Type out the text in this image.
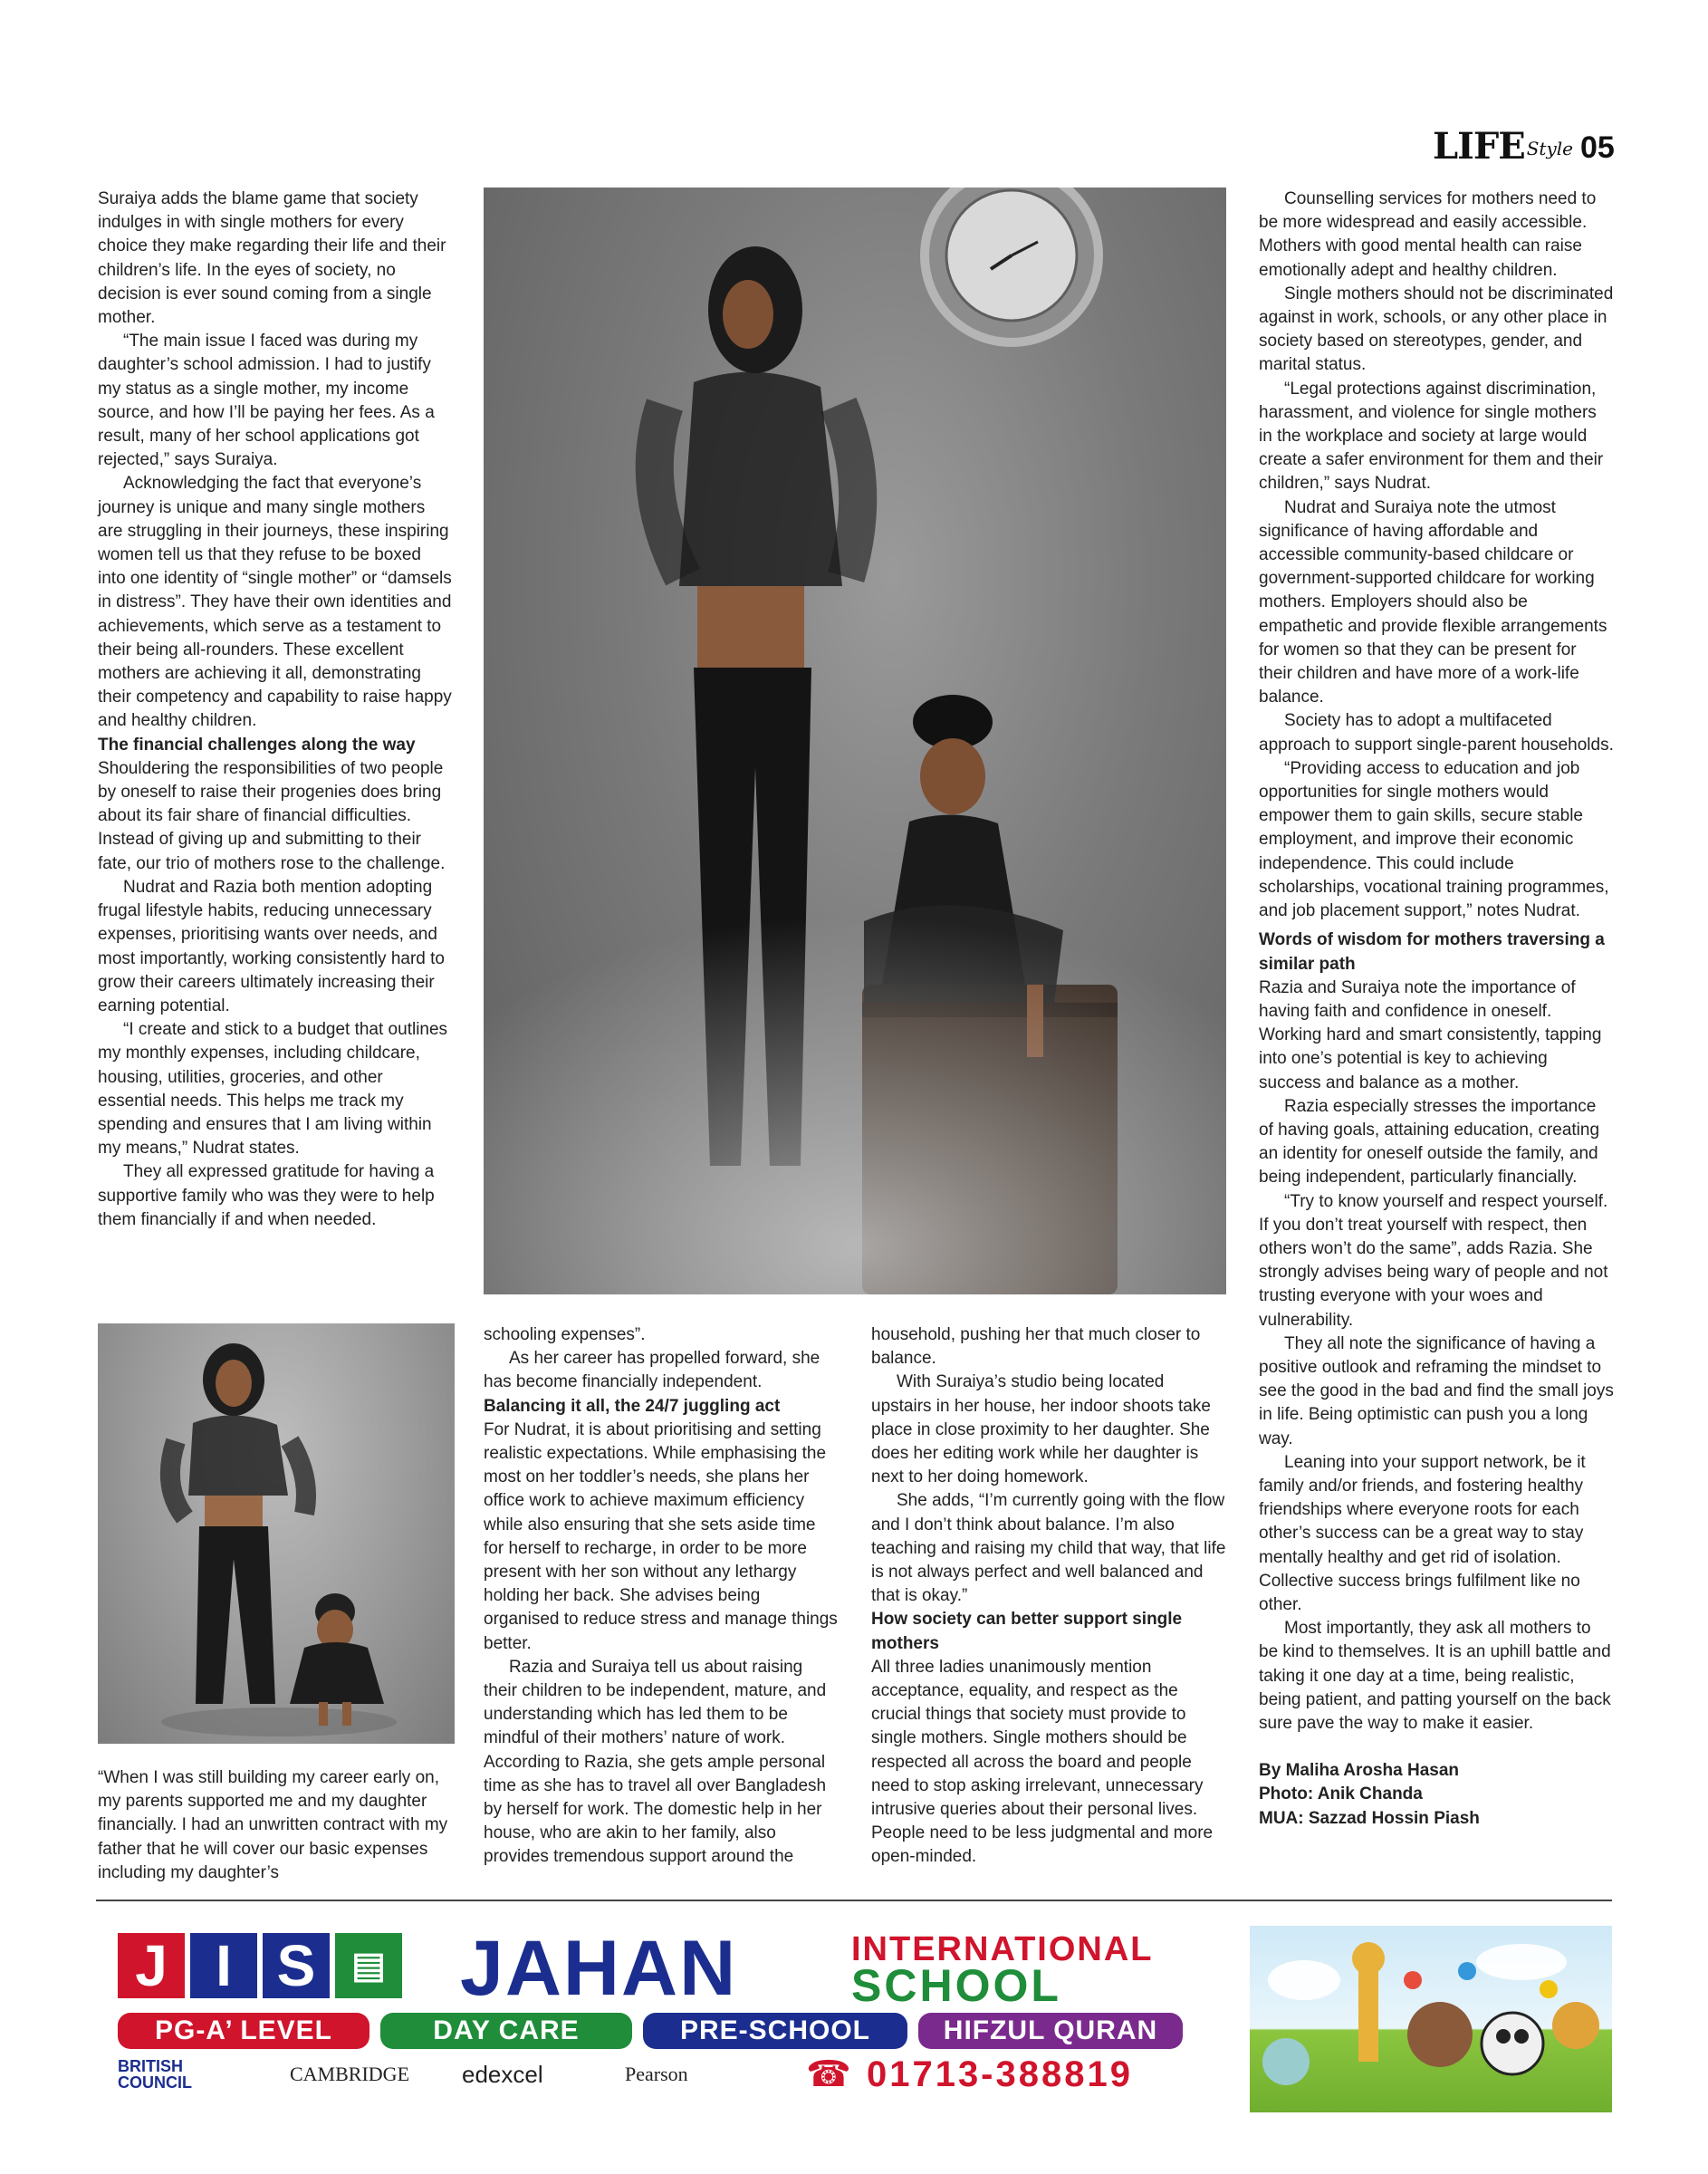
LIFE Style 05

Suraiya adds the blame game that society indulges in with single mothers for every choice they make regarding their life and their children’s life. In the eyes of society, no decision is ever sound coming from a single mother.

“The main issue I faced was during my daughter’s school admission. I had to justify my status as a single mother, my income source, and how I’ll be paying her fees. As a result, many of her school applications got rejected,” says Suraiya.

Acknowledging the fact that everyone’s journey is unique and many single mothers are struggling in their journeys, these inspiring women tell us that they refuse to be boxed into one identity of “single mother” or “damsels in distress”. They have their own identities and achievements, which serve as a testament to their being all-rounders. These excellent mothers are achieving it all, demonstrating their competency and capability to raise happy and healthy children.

The financial challenges along the way

Shouldering the responsibilities of two people by oneself to raise their progenies does bring about its fair share of financial difficulties. Instead of giving up and submitting to their fate, our trio of mothers rose to the challenge.

Nudrat and Razia both mention adopting frugal lifestyle habits, reducing unnecessary expenses, prioritising wants over needs, and most importantly, working consistently hard to grow their careers ultimately increasing their earning potential.

“I create and stick to a budget that outlines my monthly expenses, including childcare, housing, utilities, groceries, and other essential needs. This helps me track my spending and ensures that I am living within my means,” Nudrat states.

They all expressed gratitude for having a supportive family who was they were to help them financially if and when needed.

“When I was still building my career early on, my parents supported me and my daughter financially. I had an unwritten contract with my father that he will cover our basic expenses including my daughter’s

schooling expenses”.

As her career has propelled forward, she has become financially independent.

Balancing it all, the 24/7 juggling act

For Nudrat, it is about prioritising and setting realistic expectations. While emphasising the most on her toddler’s needs, she plans her office work to achieve maximum efficiency while also ensuring that she sets aside time for herself to recharge, in order to be more present with her son without any lethargy holding her back. She advises being organised to reduce stress and manage things better.

Razia and Suraiya tell us about raising their children to be independent, mature, and understanding which has led them to be mindful of their mothers’ nature of work. According to Razia, she gets ample personal time as she has to travel all over Bangladesh by herself for work. The domestic help in her house, who are akin to her family, also provides tremendous support around the

household, pushing her that much closer to balance.

With Suraiya’s studio being located upstairs in her house, her indoor shoots take place in close proximity to her daughter. She does her editing work while her daughter is next to her doing homework.

She adds, “I’m currently going with the flow and I don’t think about balance. I’m also teaching and raising my child that way, that life is not always perfect and well balanced and that is okay.”

How society can better support single mothers

All three ladies unanimously mention acceptance, equality, and respect as the crucial things that society must provide to single mothers. Single mothers should be respected all across the board and people need to stop asking irrelevant, unnecessary intrusive queries about their personal lives. People need to be less judgmental and more open-minded.

Counselling services for mothers need to be more widespread and easily accessible. Mothers with good mental health can raise emotionally adept and healthy children.

Single mothers should not be discriminated against in work, schools, or any other place in society based on stereotypes, gender, and marital status.

“Legal protections against discrimination, harassment, and violence for single mothers in the workplace and society at large would create a safer environment for them and their children,” says Nudrat.

Nudrat and Suraiya note the utmost significance of having affordable and accessible community-based childcare or government-supported childcare for working mothers. Employers should also be empathetic and provide flexible arrangements for women so that they can be present for their children and have more of a work-life balance.

Society has to adopt a multifaceted approach to support single-parent households.

“Providing access to education and job opportunities for single mothers would empower them to gain skills, secure stable employment, and improve their economic independence. This could include scholarships, vocational training programmes, and job placement support,” notes Nudrat.

Words of wisdom for mothers traversing a similar path

Razia and Suraiya note the importance of having faith and confidence in oneself. Working hard and smart consistently, tapping into one’s potential is key to achieving success and balance as a mother.

Razia especially stresses the importance of having goals, attaining education, creating an identity for oneself outside the family, and being independent, particularly financially.

“Try to know yourself and respect yourself. If you don’t treat yourself with respect, then others won’t do the same”, adds Razia. She strongly advises being wary of people and not trusting everyone with your woes and vulnerability.

They all note the significance of having a positive outlook and reframing the mindset to see the good in the bad and find the small joys in life. Being optimistic can push you a long way.

Leaning into your support network, be it family and/or friends, and fostering healthy friendships where everyone roots for each other’s success can be a great way to stay mentally healthy and get rid of isolation. Collective success brings fulfilment like no other.

Most importantly, they ask all mothers to be kind to themselves. It is an uphill battle and taking it one day at a time, being realistic, being patient, and patting yourself on the back sure pave the way to make it easier.

By Maliha Arosha Hasan

Photo: Anik Chanda

MUA: Sazzad Hossin Piash

J I S ▤ JAHAN	INTERNATIONAL
SCHOOL
PG-A’ LEVEL	DAY CARE	PRE-SCHOOL	HIFZUL QURAN
BRITISH COUNCIL	CAMBRIDGE	edexcel	Pearson	☎ 01713-388819
